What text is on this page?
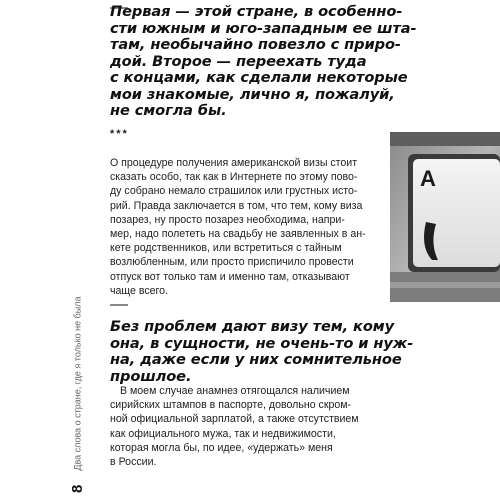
8Два слова о стране, где я только не была
Первая — этой стране, в особенно-
сти южным и юго-западным ее шта-
там, необычайно повезло с приро-
дой. Второе — переехать туда
с концами, как сделали некоторые
мои знакомые, лично я, пожалуй,
не смогла бы.
***
О процедуре получения американской визы стоит
сказать особо, так как в Интернете по этому пово-
ду собрано немало страшилок или грустных исто-
рий. Правда заключается в том, что тем, кому виза
позарез, ну просто позарез необходима, напри-
мер, надо полететь на свадьбу не заявленных в ан-
кете родственников, или встретиться с тайным
возлюбленным, или просто приспичило провести
отпуск вот только там и именно там, отказывают
чаще всего.
A
Без проблем дают визу тем, кому
она, в сущности, не очень-то и нуж-
на, даже если у них сомнительное
прошлое.
В моем случае анамнез отягощался наличием
сирийских штампов в паспорте, довольно скром-
ной официальной зарплатой, а также отсутствием
как официального мужа, так и недвижимости,
которая могла бы, по идее, «удержать» меня
в России.
